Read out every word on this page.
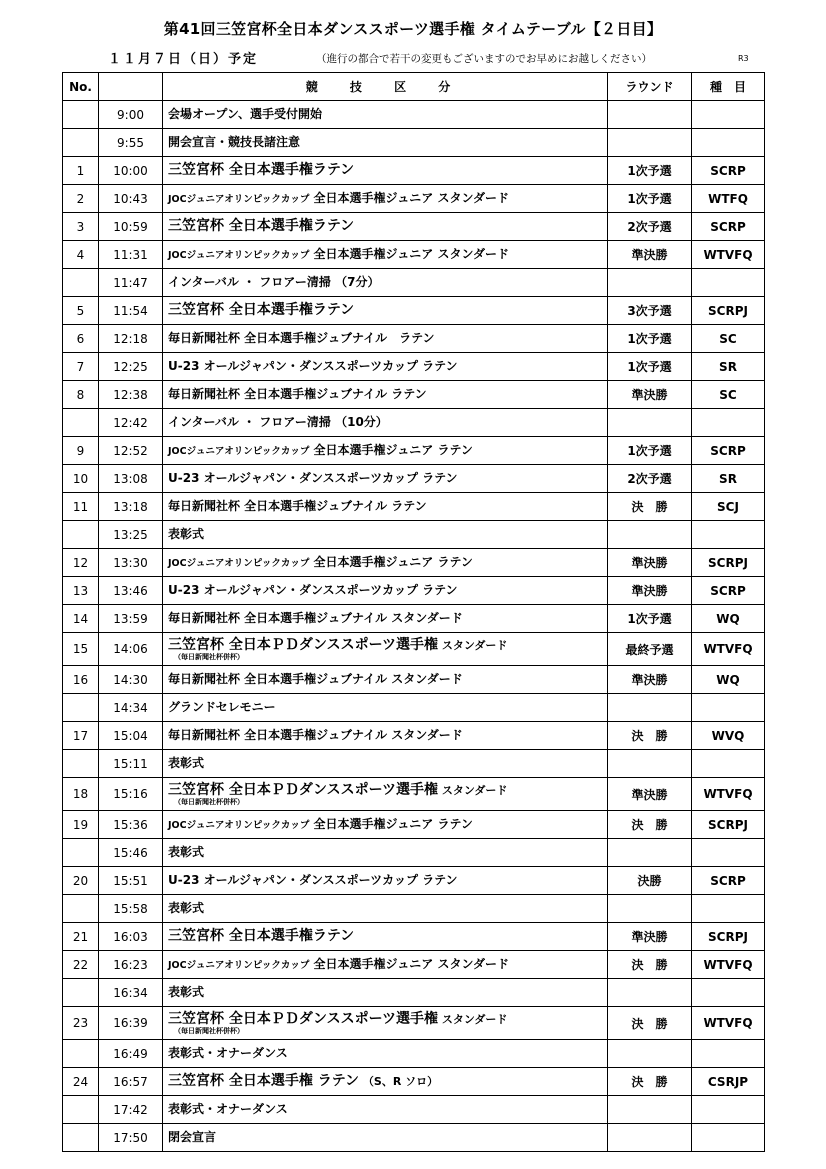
第41回三笠宮杯全日本ダンススポーツ選手権 タイムテーブル【２日目】
１１月７日（日）予定	（進行の都合で若干の変更もございますのでお早めにお越しください）	R3
No.		競 技 区 分	ラウンド	種　目
	9:00	会場オープン、選手受付開始		

	9:55	開会宣言・競技長諸注意		

1	10:00	三笠宮杯 全日本選手権ラテン	1次予選	SCRP
2	10:43	JOCジュニアオリンピックカップ 全日本選手権ジュニア スタンダード	1次予選	WTFQ
3	10:59	三笠宮杯 全日本選手権ラテン	2次予選	SCRP
4	11:31	JOCジュニアオリンピックカップ 全日本選手権ジュニア スタンダード	準決勝	WTVFQ
	11:47	インターバル ・ フロアー清掃 （7分）		

5	11:54	三笠宮杯 全日本選手権ラテン	3次予選	SCRPJ
6	12:18	毎日新聞社杯 全日本選手権ジュブナイル　ラテン	1次予選	SC
7	12:25	U-23 オールジャパン・ダンススポーツカップ ラテン	1次予選	SR
8	12:38	毎日新聞社杯 全日本選手権ジュブナイル ラテン	準決勝	SC
	12:42	インターバル ・ フロアー清掃 （10分）		

9	12:52	JOCジュニアオリンピックカップ 全日本選手権ジュニア ラテン	1次予選	SCRP
10	13:08	U-23 オールジャパン・ダンススポーツカップ ラテン	2次予選	SR
11	13:18	毎日新聞社杯 全日本選手権ジュブナイル ラテン	決　勝	SCJ
	13:25	表彰式		

12	13:30	JOCジュニアオリンピックカップ 全日本選手権ジュニア ラテン	準決勝	SCRPJ
13	13:46	U-23 オールジャパン・ダンススポーツカップ ラテン	準決勝	SCRP
14	13:59	毎日新聞社杯 全日本選手権ジュブナイル スタンダード	1次予選	WQ
15	14:06	三笠宮杯 全日本ＰＤダンススポーツ選手権 スタンダード
（毎日新聞社杯併杯）	最終予選	WTVFQ
16	14:30	毎日新聞社杯 全日本選手権ジュブナイル スタンダード	準決勝	WQ
	14:34	グランドセレモニー		

17	15:04	毎日新聞社杯 全日本選手権ジュブナイル スタンダード	決　勝	WVQ
	15:11	表彰式		

18	15:16	三笠宮杯 全日本ＰＤダンススポーツ選手権 スタンダード
（毎日新聞社杯併杯）	準決勝	WTVFQ
19	15:36	JOCジュニアオリンピックカップ 全日本選手権ジュニア ラテン	決　勝	SCRPJ
	15:46	表彰式		

20	15:51	U-23 オールジャパン・ダンススポーツカップ ラテン	決勝	SCRP
	15:58	表彰式		

21	16:03	三笠宮杯 全日本選手権ラテン	準決勝	SCRPJ
22	16:23	JOCジュニアオリンピックカップ 全日本選手権ジュニア スタンダード	決　勝	WTVFQ
	16:34	表彰式		

23	16:39	三笠宮杯 全日本ＰＤダンススポーツ選手権 スタンダード
（毎日新聞社杯併杯）	決　勝	WTVFQ
	16:49	表彰式・オナーダンス		

24	16:57	三笠宮杯 全日本選手権 ラテン （S、R ソロ）	決　勝	CSRJP
	17:42	表彰式・オナーダンス		

	17:50	閉会宣言		
